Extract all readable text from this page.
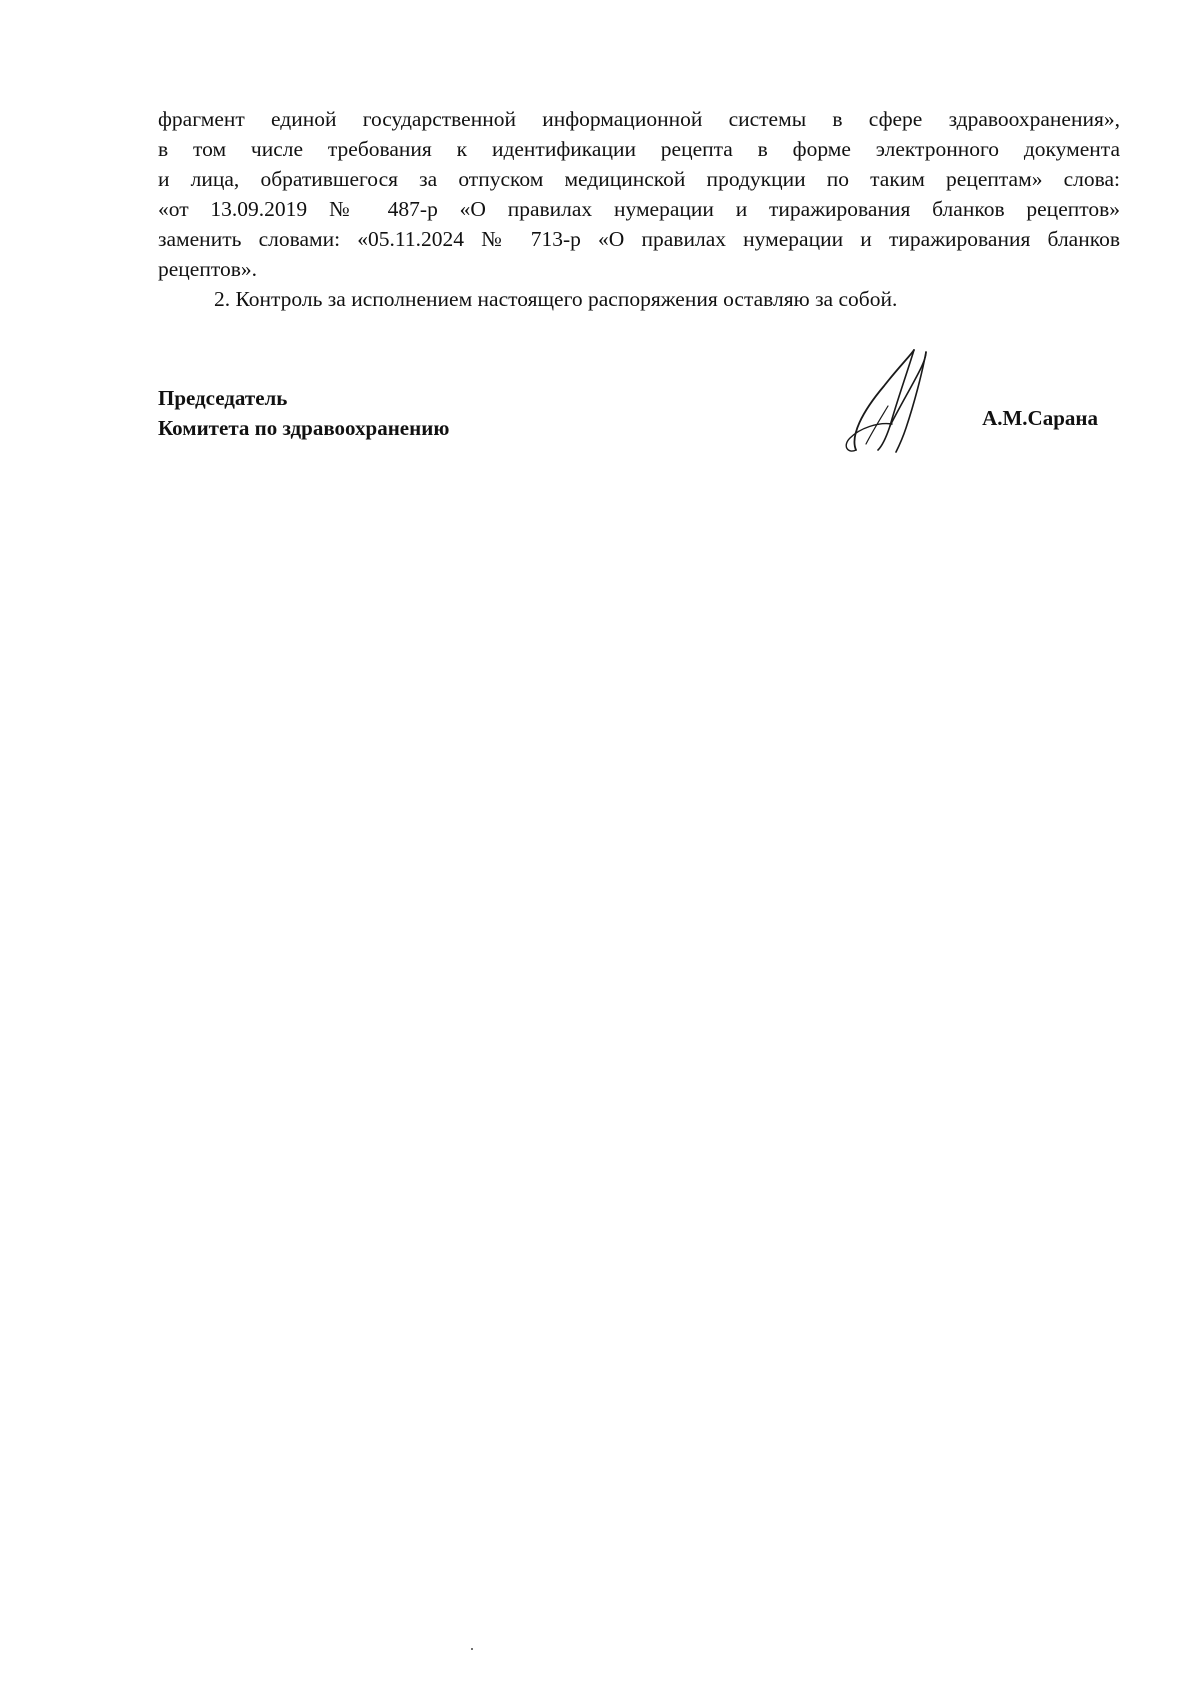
фрагмент единой государственной информационной системы в сфере здравоохранения»,
в том числе требования к идентификации рецепта в форме электронного документа
и лица, обратившегося за отпуском медицинской продукции по таким рецептам» слова:
«от 13.09.2019 № 487-р «О правилах нумерации и тиражирования бланков рецептов»
заменить словами: «05.11.2024 № 713-р «О правилах нумерации и тиражирования бланков
рецептов».
2. Контроль за исполнением настоящего распоряжения оставляю за собой.
Председатель
Комитета по здравоохранению	А.М.Сарана
